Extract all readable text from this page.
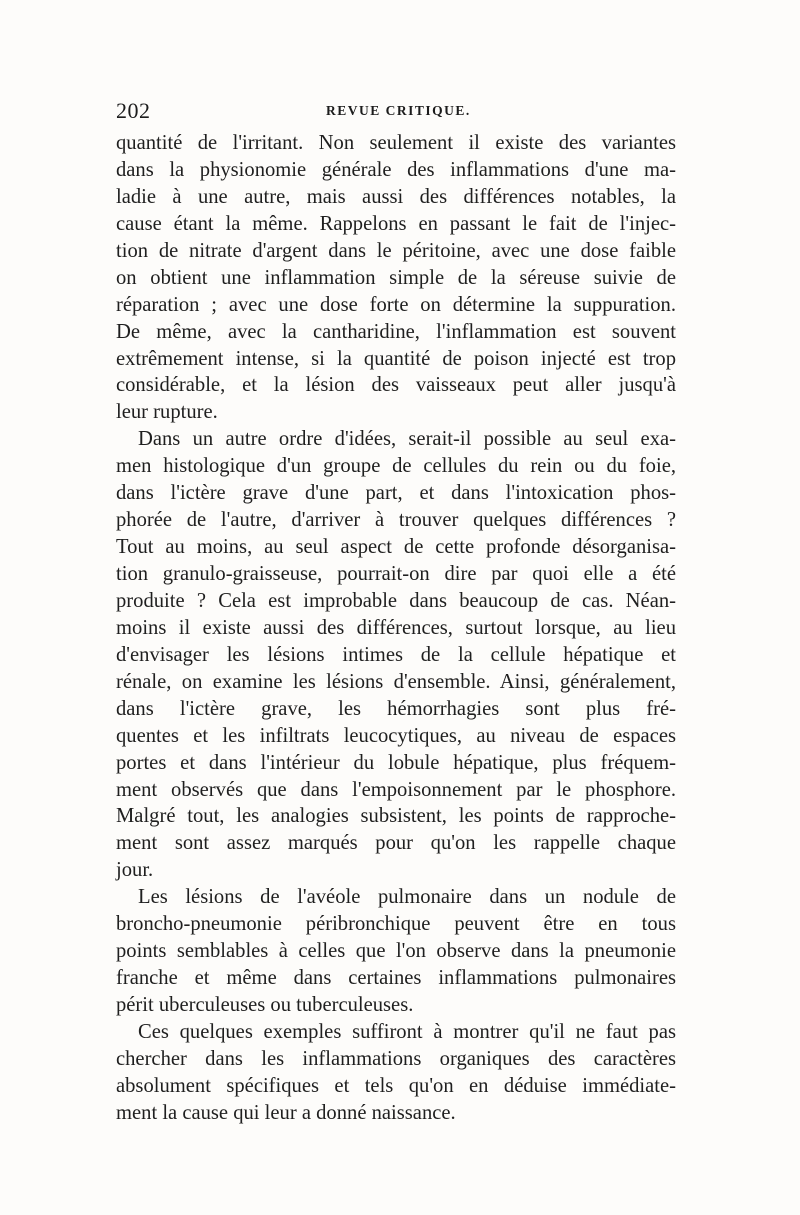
202	REVUE CRITIQUE.
quantité de l'irritant. Non seulement il existe des variantes
dans la physionomie générale des inflammations d'une ma-
ladie à une autre, mais aussi des différences notables, la
cause étant la même. Rappelons en passant le fait de l'injec-
tion de nitrate d'argent dans le péritoine, avec une dose faible
on obtient une inflammation simple de la séreuse suivie de
réparation ; avec une dose forte on détermine la suppuration.
De même, avec la cantharidine, l'inflammation est souvent
extrêmement intense, si la quantité de poison injecté est trop
considérable, et la lésion des vaisseaux peut aller jusqu'à
leur rupture.
Dans un autre ordre d'idées, serait-il possible au seul exa-
men histologique d'un groupe de cellules du rein ou du foie,
dans l'ictère grave d'une part, et dans l'intoxication phos-
phorée de l'autre, d'arriver à trouver quelques différences ?
Tout au moins, au seul aspect de cette profonde désorganisa-
tion granulo-graisseuse, pourrait-on dire par quoi elle a été
produite ? Cela est improbable dans beaucoup de cas. Néan-
moins il existe aussi des différences, surtout lorsque, au lieu
d'envisager les lésions intimes de la cellule hépatique et
rénale, on examine les lésions d'ensemble. Ainsi, généralement,
dans l'ictère grave, les hémorrhagies sont plus fré-
quentes et les infiltrats leucocytiques, au niveau de espaces
portes et dans l'intérieur du lobule hépatique, plus fréquem-
ment observés que dans l'empoisonnement par le phosphore.
Malgré tout, les analogies subsistent, les points de rapproche-
ment sont assez marqués pour qu'on les rappelle chaque
jour.
Les lésions de l'avéole pulmonaire dans un nodule de
broncho-pneumonie péribronchique peuvent être en tous
points semblables à celles que l'on observe dans la pneumonie
franche et même dans certaines inflammations pulmonaires
périt uberculeuses ou tuberculeuses.
Ces quelques exemples suffiront à montrer qu'il ne faut pas
chercher dans les inflammations organiques des caractères
absolument spécifiques et tels qu'on en déduise immédiate-
ment la cause qui leur a donné naissance.
